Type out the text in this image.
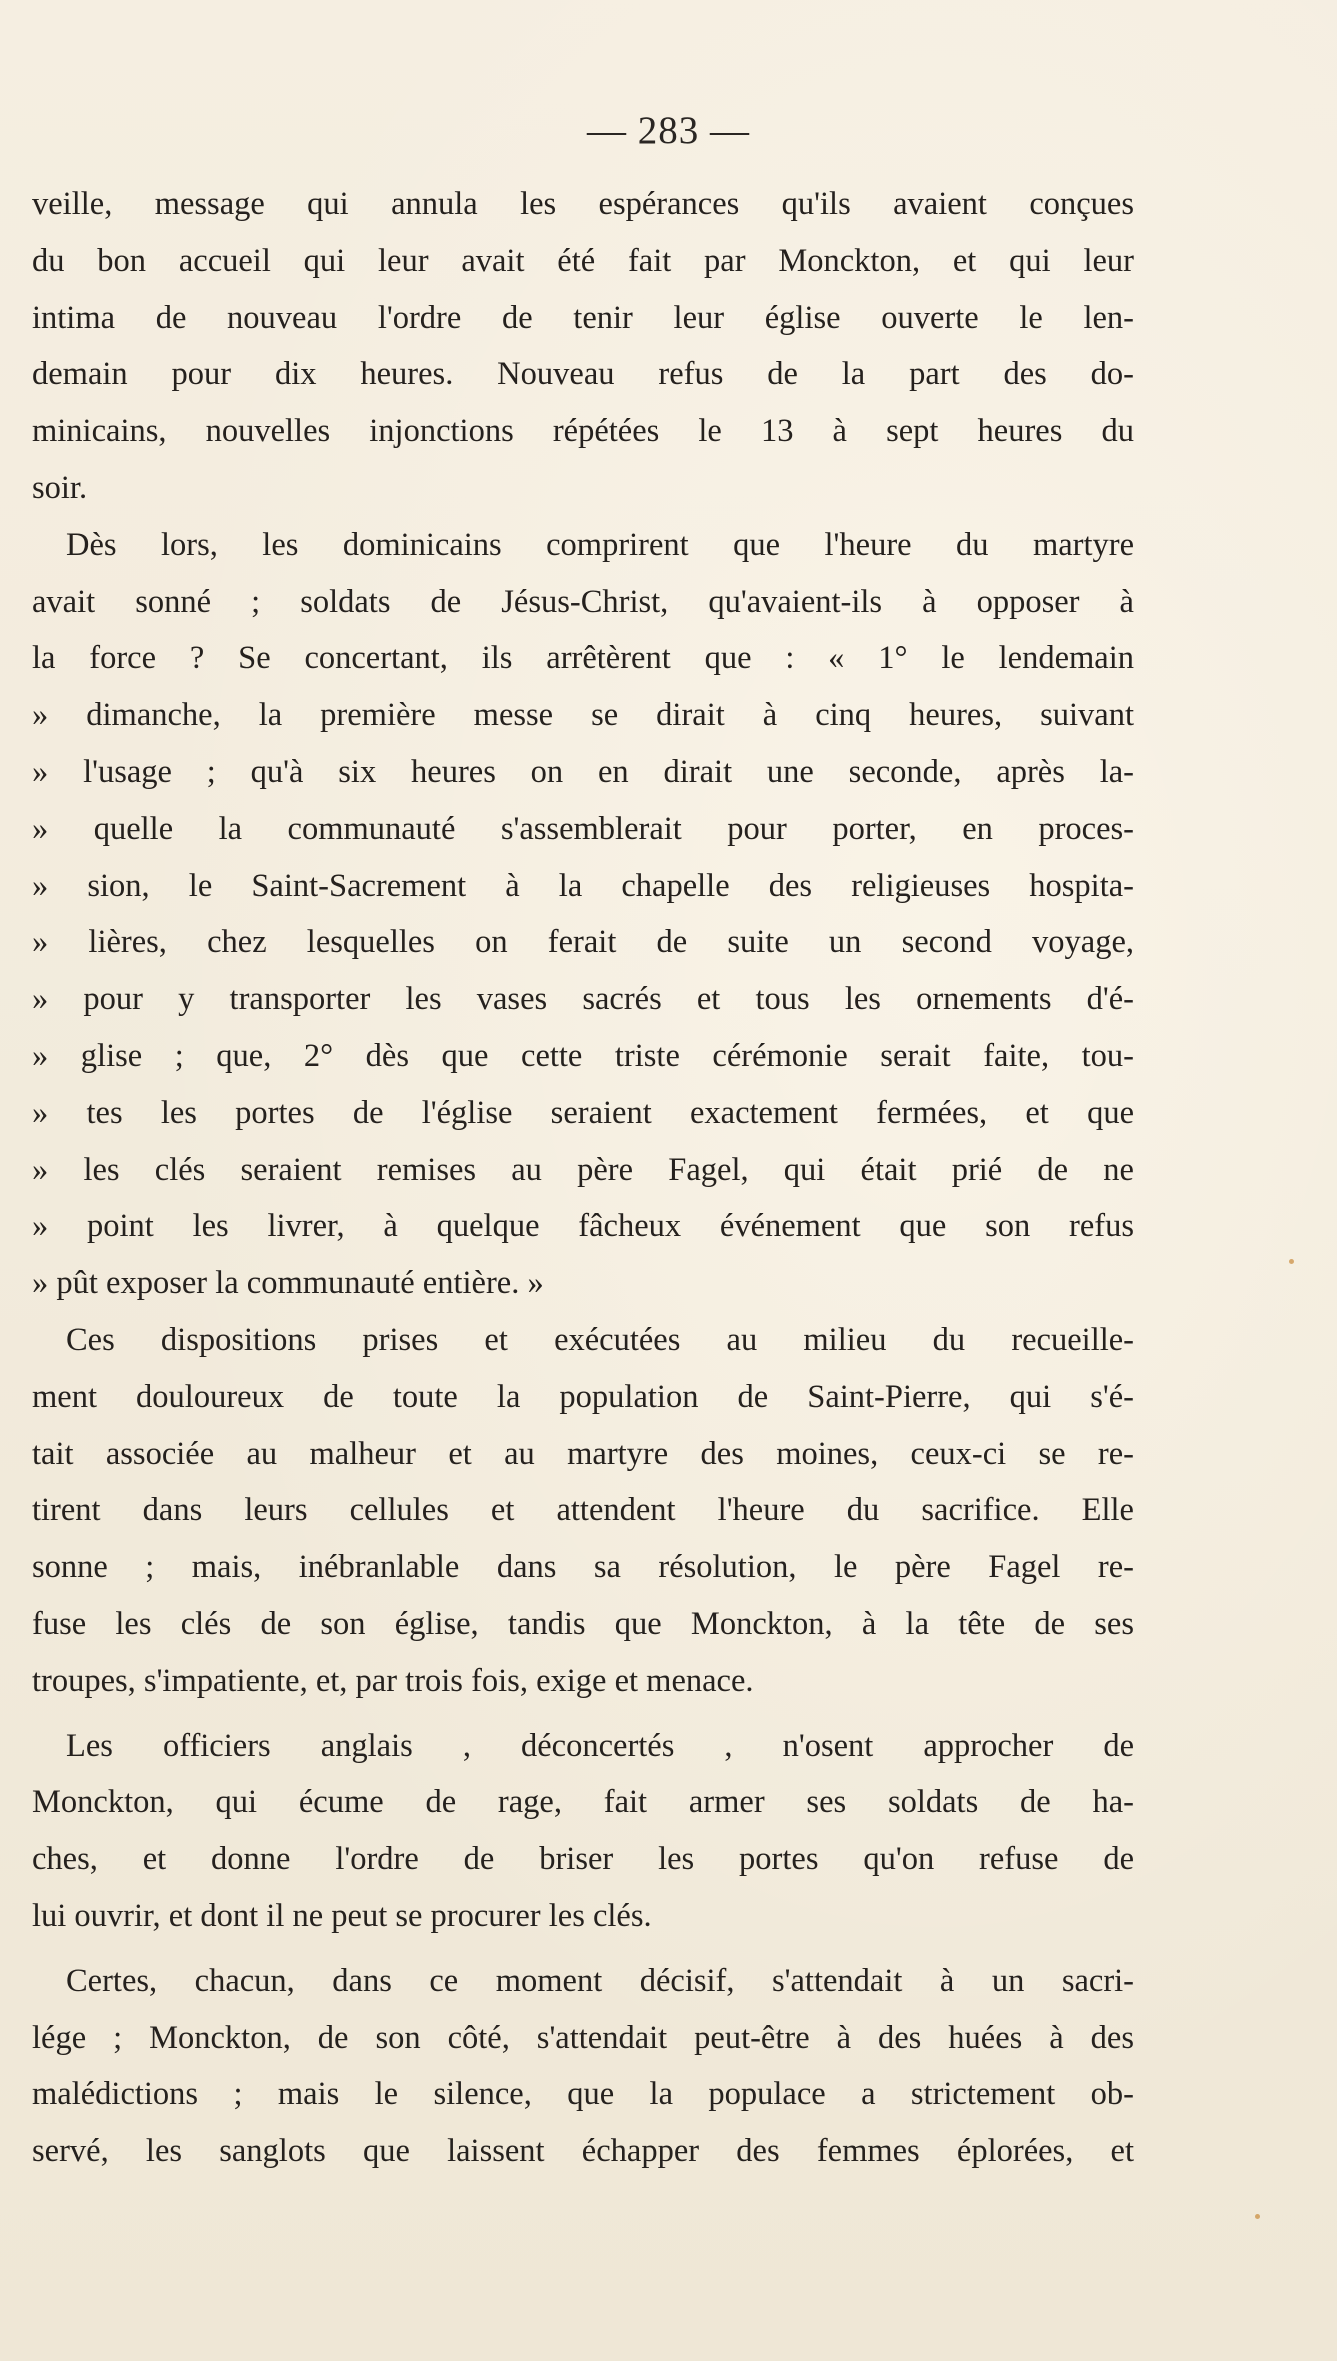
— 283 —
veille, message qui annula les espérances qu'ils avaient conçues
du bon accueil qui leur avait été fait par Monckton, et qui leur
intima de nouveau l'ordre de tenir leur église ouverte le len-
demain pour dix heures. Nouveau refus de la part des do-
minicains, nouvelles injonctions répétées le 13 à sept heures du
soir.
Dès lors, les dominicains comprirent que l'heure du martyre
avait sonné ; soldats de Jésus-Christ, qu'avaient-ils à opposer à
la force ? Se concertant, ils arrêtèrent que : « 1° le lendemain
» dimanche, la première messe se dirait à cinq heures, suivant
» l'usage ; qu'à six heures on en dirait une seconde, après la-
» quelle la communauté s'assemblerait pour porter, en proces-
» sion, le Saint-Sacrement à la chapelle des religieuses hospita-
» lières, chez lesquelles on ferait de suite un second voyage,
» pour y transporter les vases sacrés et tous les ornements d'é-
» glise ; que, 2° dès que cette triste cérémonie serait faite, tou-
» tes les portes de l'église seraient exactement fermées, et que
» les clés seraient remises au père Fagel, qui était prié de ne
» point les livrer, à quelque fâcheux événement que son refus
» pût exposer la communauté entière. »
Ces dispositions prises et exécutées au milieu du recueille-
ment douloureux de toute la population de Saint-Pierre, qui s'é-
tait associée au malheur et au martyre des moines, ceux-ci se re-
tirent dans leurs cellules et attendent l'heure du sacrifice. Elle
sonne ; mais, inébranlable dans sa résolution, le père Fagel re-
fuse les clés de son église, tandis que Monckton, à la tête de ses
troupes, s'impatiente, et, par trois fois, exige et menace.
Les officiers anglais , déconcertés , n'osent approcher de
Monckton, qui écume de rage, fait armer ses soldats de ha-
ches, et donne l'ordre de briser les portes qu'on refuse de
lui ouvrir, et dont il ne peut se procurer les clés.
Certes, chacun, dans ce moment décisif, s'attendait à un sacri-
lége ; Monckton, de son côté, s'attendait peut-être à des huées à des
malédictions ; mais le silence, que la populace a strictement ob-
servé, les sanglots que laissent échapper des femmes éplorées, et
